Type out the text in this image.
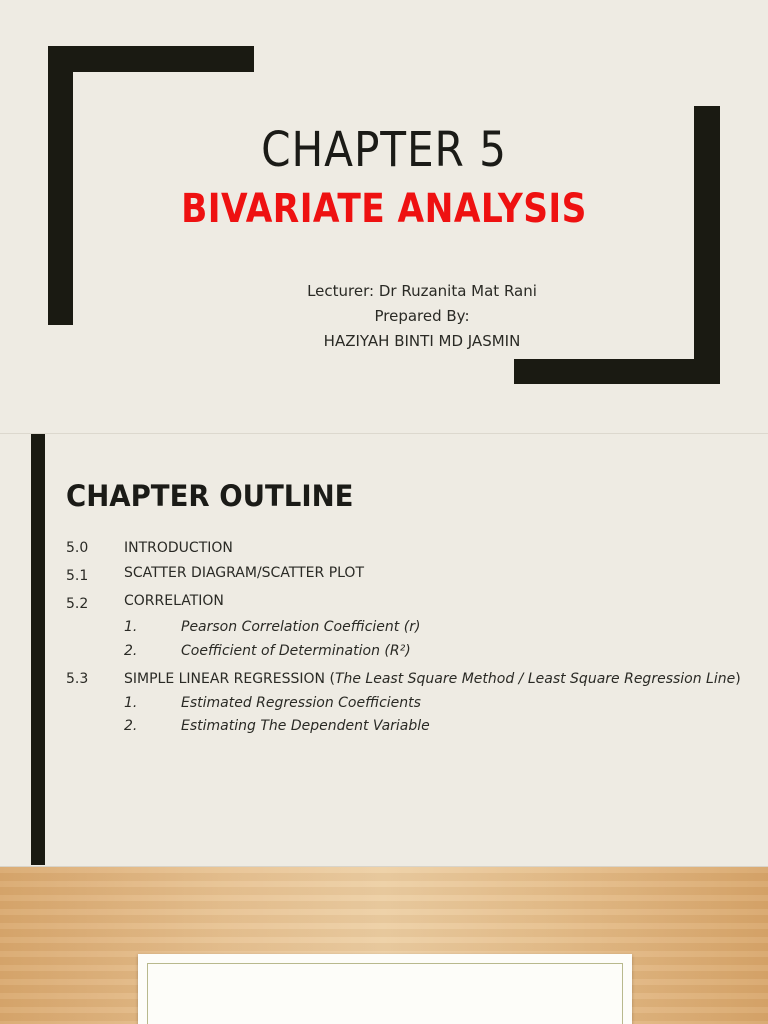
CHAPTER 5
BIVARIATE ANALYSIS
Lecturer: Dr Ruzanita Mat Rani
Prepared By:
HAZIYAH BINTI MD JASMIN
CHAPTER OUTLINE
5.0	INTRODUCTION
5.1	SCATTER DIAGRAM/SCATTER PLOT
5.2	CORRELATION
1.	Pearson Correlation Coefficient (r)
2.	Coefficient of Determination (R²)
5.3	SIMPLE LINEAR REGRESSION (The Least Square Method / Least Square Regression Line)
1.	Estimated Regression Coefficients
2.	Estimating The Dependent Variable
